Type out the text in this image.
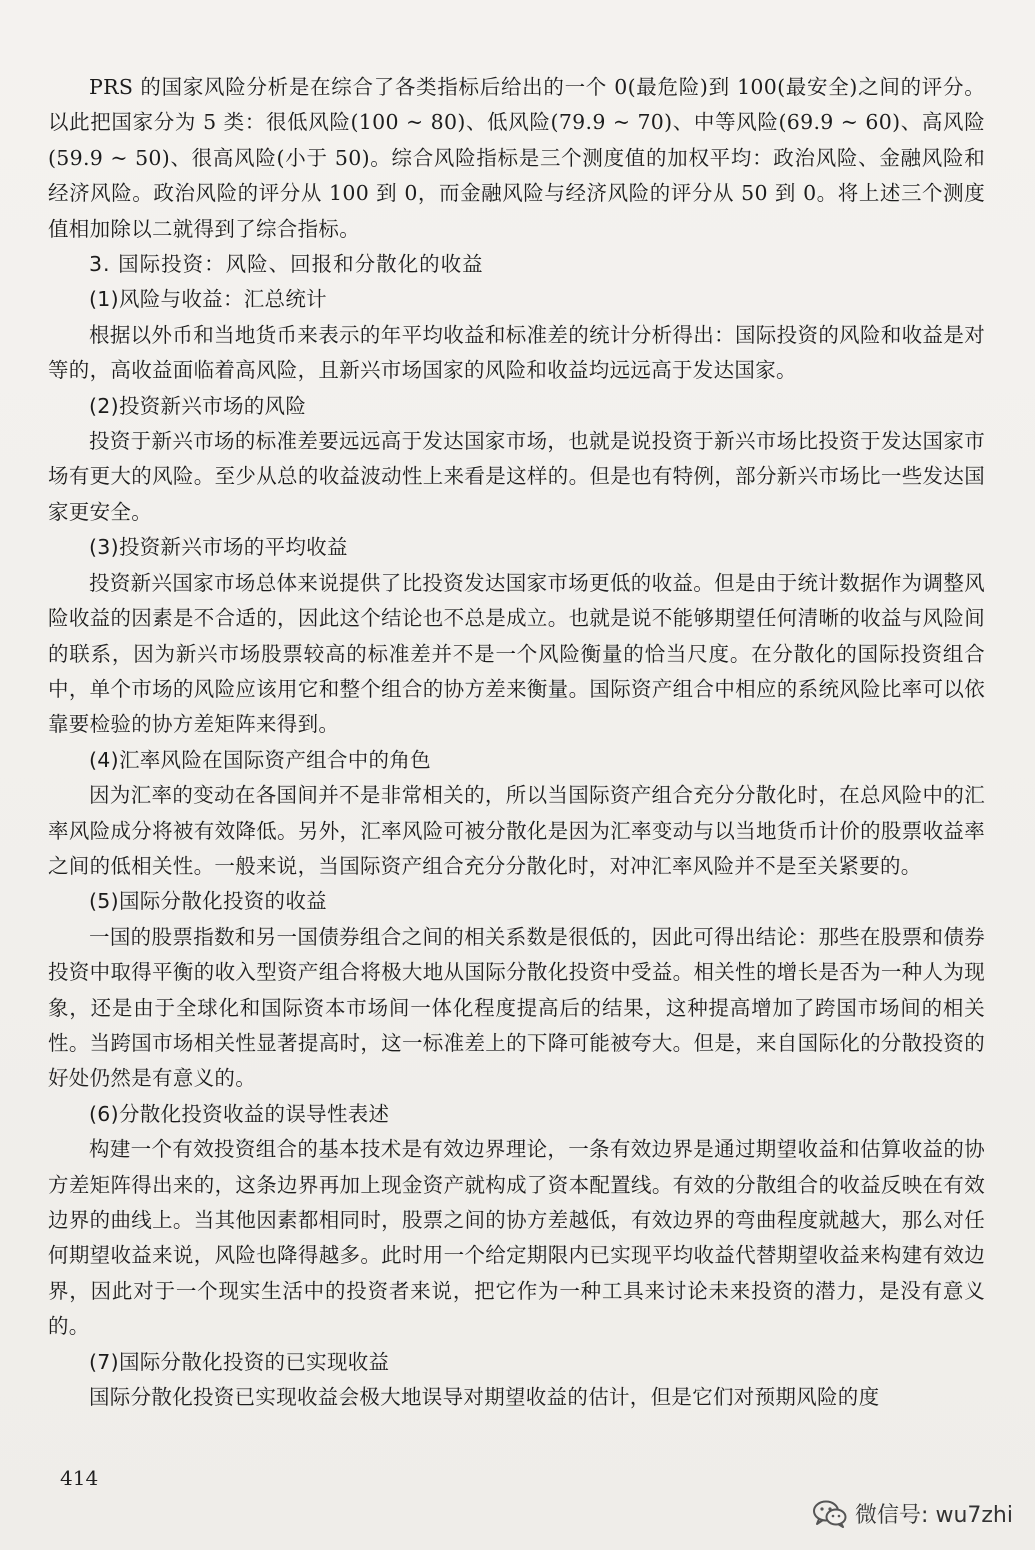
PRS 的国家风险分析是在综合了各类指标后给出的一个 0(最危险)到 100(最安全)之间的评分。以此把国家分为 5 类：很低风险(100 ~ 80)、低风险(79.9 ~ 70)、中等风险(69.9 ~ 60)、高风险(59.9 ~ 50)、很高风险(小于 50)。综合风险指标是三个测度值的加权平均：政治风险、金融风险和经济风险。政治风险的评分从 100 到 0，而金融风险与经济风险的评分从 50 到 0。将上述三个测度值相加除以二就得到了综合指标。

3. 国际投资：风险、回报和分散化的收益

(1)风险与收益：汇总统计

根据以外币和当地货币来表示的年平均收益和标准差的统计分析得出：国际投资的风险和收益是对等的，高收益面临着高风险，且新兴市场国家的风险和收益均远远高于发达国家。

(2)投资新兴市场的风险

投资于新兴市场的标准差要远远高于发达国家市场，也就是说投资于新兴市场比投资于发达国家市场有更大的风险。至少从总的收益波动性上来看是这样的。但是也有特例，部分新兴市场比一些发达国家更安全。

(3)投资新兴市场的平均收益

投资新兴国家市场总体来说提供了比投资发达国家市场更低的收益。但是由于统计数据作为调整风险收益的因素是不合适的，因此这个结论也不总是成立。也就是说不能够期望任何清晰的收益与风险间的联系，因为新兴市场股票较高的标准差并不是一个风险衡量的恰当尺度。在分散化的国际投资组合中，单个市场的风险应该用它和整个组合的协方差来衡量。国际资产组合中相应的系统风险比率可以依靠要检验的协方差矩阵来得到。

(4)汇率风险在国际资产组合中的角色

因为汇率的变动在各国间并不是非常相关的，所以当国际资产组合充分分散化时，在总风险中的汇率风险成分将被有效降低。另外，汇率风险可被分散化是因为汇率变动与以当地货币计价的股票收益率之间的低相关性。一般来说，当国际资产组合充分分散化时，对冲汇率风险并不是至关紧要的。

(5)国际分散化投资的收益

一国的股票指数和另一国债券组合之间的相关系数是很低的，因此可得出结论：那些在股票和债券投资中取得平衡的收入型资产组合将极大地从国际分散化投资中受益。相关性的增长是否为一种人为现象，还是由于全球化和国际资本市场间一体化程度提高后的结果，这种提高增加了跨国市场间的相关性。当跨国市场相关性显著提高时，这一标准差上的下降可能被夸大。但是，来自国际化的分散投资的好处仍然是有意义的。

(6)分散化投资收益的误导性表述

构建一个有效投资组合的基本技术是有效边界理论，一条有效边界是通过期望收益和估算收益的协方差矩阵得出来的，这条边界再加上现金资产就构成了资本配置线。有效的分散组合的收益反映在有效边界的曲线上。当其他因素都相同时，股票之间的协方差越低，有效边界的弯曲程度就越大，那么对任何期望收益来说，风险也降得越多。此时用一个给定期限内已实现平均收益代替期望收益来构建有效边界，因此对于一个现实生活中的投资者来说，把它作为一种工具来讨论未来投资的潜力，是没有意义的。

(7)国际分散化投资的已实现收益

国际分散化投资已实现收益会极大地误导对期望收益的估计，但是它们对预期风险的度

414
微信号: wu7zhi
